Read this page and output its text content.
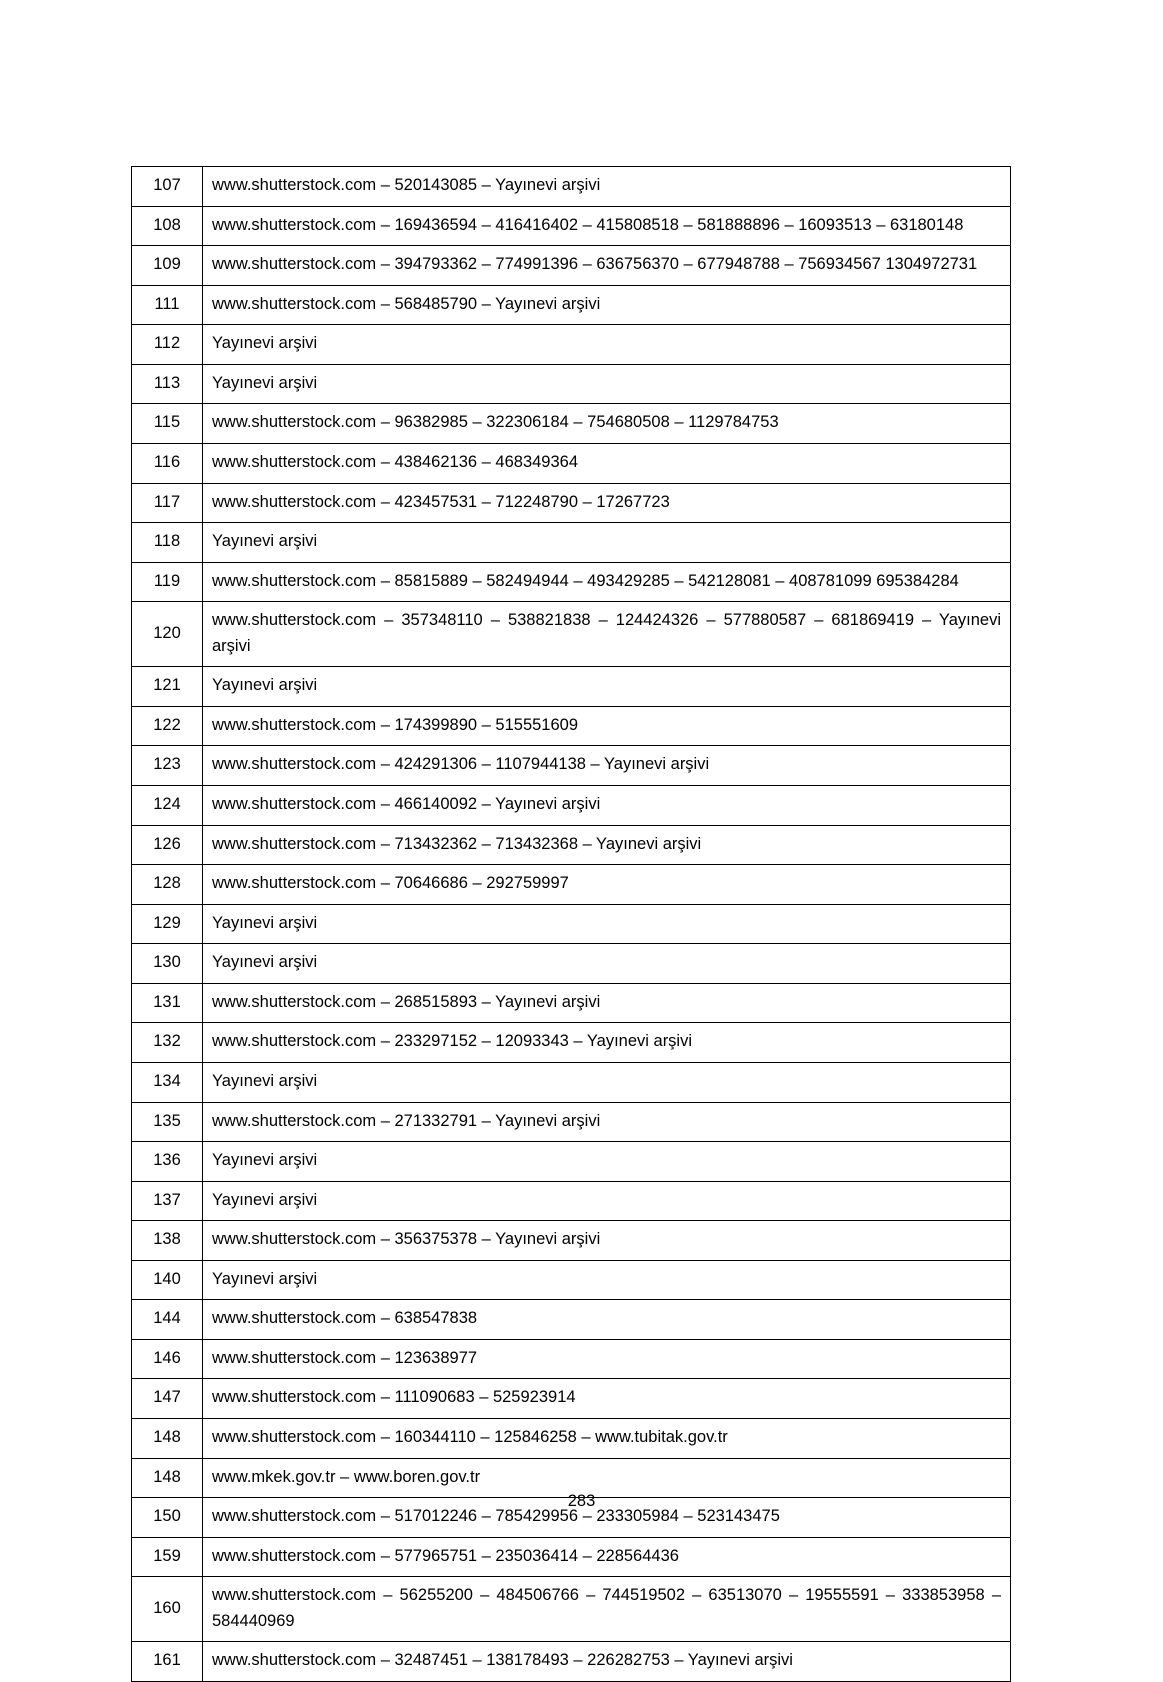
107	www.shutterstock.com – 520143085 – Yayınevi arşivi
108	www.shutterstock.com – 169436594 – 416416402 – 415808518 – 581888896 – 16093513 – 63180148
109	www.shutterstock.com – 394793362 – 774991396 – 636756370 – 677948788 – 756934567 1304972731
111	www.shutterstock.com – 568485790 – Yayınevi arşivi
112	Yayınevi arşivi
113	Yayınevi arşivi
115	www.shutterstock.com – 96382985 – 322306184 – 754680508 – 1129784753
116	www.shutterstock.com – 438462136 – 468349364
117	www.shutterstock.com – 423457531 – 712248790 – 17267723
118	Yayınevi arşivi
119	www.shutterstock.com – 85815889 – 582494944 – 493429285 – 542128081 – 408781099 695384284
120	www.shutterstock.com – 357348110 – 538821838 – 124424326 – 577880587 – 681869419 – Yayınevi arşivi
121	Yayınevi arşivi
122	www.shutterstock.com – 174399890 – 515551609
123	www.shutterstock.com – 424291306 – 1107944138 – Yayınevi arşivi
124	www.shutterstock.com – 466140092 – Yayınevi arşivi
126	www.shutterstock.com – 713432362 – 713432368 – Yayınevi arşivi
128	www.shutterstock.com – 70646686 – 292759997
129	Yayınevi arşivi
130	Yayınevi arşivi
131	www.shutterstock.com – 268515893 – Yayınevi arşivi
132	www.shutterstock.com – 233297152 – 12093343 – Yayınevi arşivi
134	Yayınevi arşivi
135	www.shutterstock.com – 271332791 – Yayınevi arşivi
136	Yayınevi arşivi
137	Yayınevi arşivi
138	www.shutterstock.com – 356375378 – Yayınevi arşivi
140	Yayınevi arşivi
144	www.shutterstock.com – 638547838
146	www.shutterstock.com – 123638977
147	www.shutterstock.com – 111090683 – 525923914
148	www.shutterstock.com – 160344110 – 125846258 – www.tubitak.gov.tr
148	www.mkek.gov.tr – www.boren.gov.tr
150	www.shutterstock.com – 517012246 – 785429956 – 233305984 – 523143475
159	www.shutterstock.com – 577965751 – 235036414 – 228564436
160	www.shutterstock.com – 56255200 – 484506766 – 744519502 – 63513070 – 19555591 – 333853958 – 584440969
161	www.shutterstock.com – 32487451 – 138178493 – 226282753 – Yayınevi arşivi
283
